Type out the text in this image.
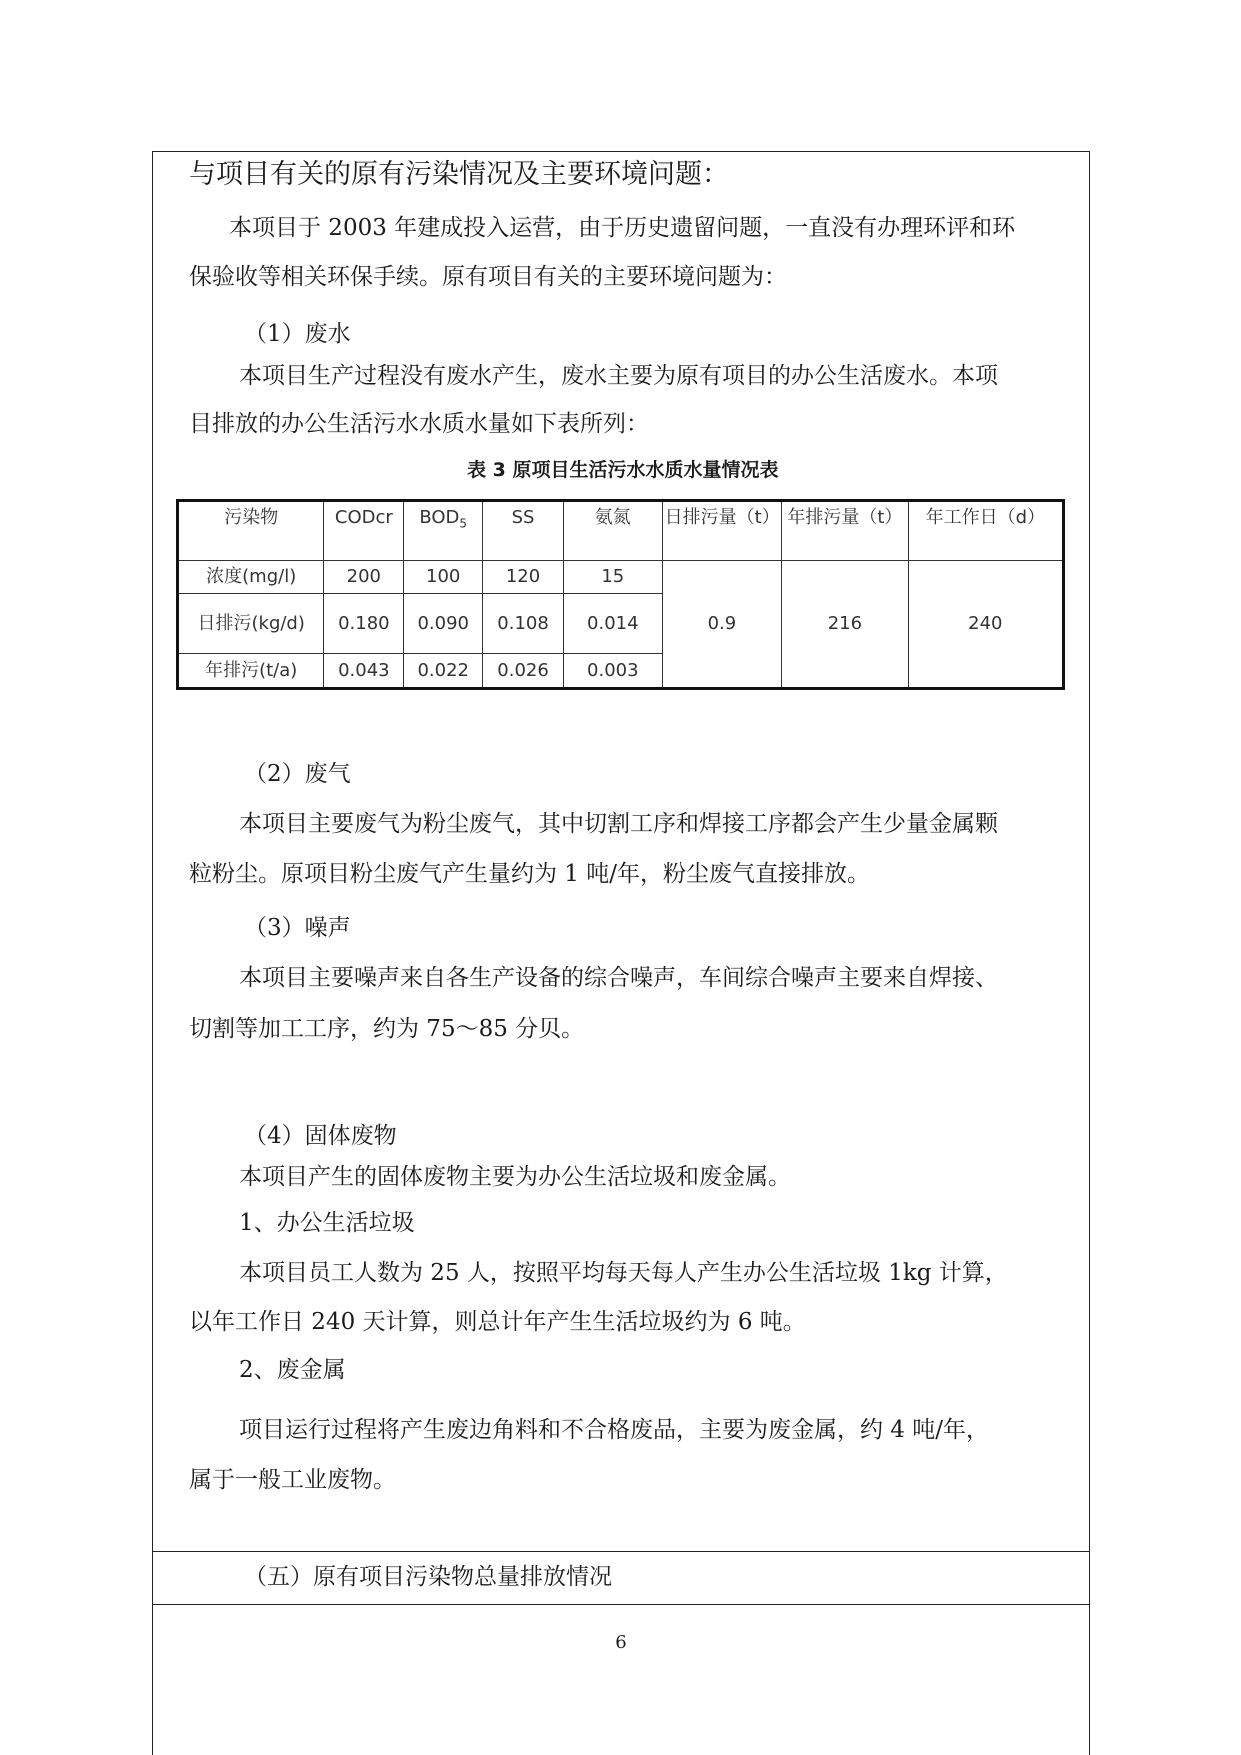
与项目有关的原有污染情况及主要环境问题：
本项目于 2003 年建成投入运营，由于历史遗留问题，一直没有办理环评和环
保验收等相关环保手续。原有项目有关的主要环境问题为：
（1）废水
本项目生产过程没有废水产生，废水主要为原有项目的办公生活废水。本项
目排放的办公生活污水水质水量如下表所列：
表 3 原项目生活污水水质水量情况表
污染物	CODcr	$BOD_5$	SS	氨氮	日排污量（t）	年排污量（t）	年工作日（d）
浓度(mg/l)	200	100	120	15	0.9	216	240
日排污(kg/d)	0.180	0.090	0.108	0.014			
年排污(t/a)	0.043	0.022	0.026	0.003			
（2）废气
本项目主要废气为粉尘废气，其中切割工序和焊接工序都会产生少量金属颗
粒粉尘。原项目粉尘废气产生量约为 1 吨/年，粉尘废气直接排放。
（3）噪声
本项目主要噪声来自各生产设备的综合噪声，车间综合噪声主要来自焊接、
切割等加工工序，约为 75～85 分贝。
（4）固体废物
本项目产生的固体废物主要为办公生活垃圾和废金属。
1、办公生活垃圾
本项目员工人数为 25 人，按照平均每天每人产生办公生活垃圾 1kg 计算，
以年工作日 240 天计算，则总计年产生生活垃圾约为 6 吨。
2、废金属
项目运行过程将产生废边角料和不合格废品，主要为废金属，约 4 吨/年，
属于一般工业废物。
（五）原有项目污染物总量排放情况
6
